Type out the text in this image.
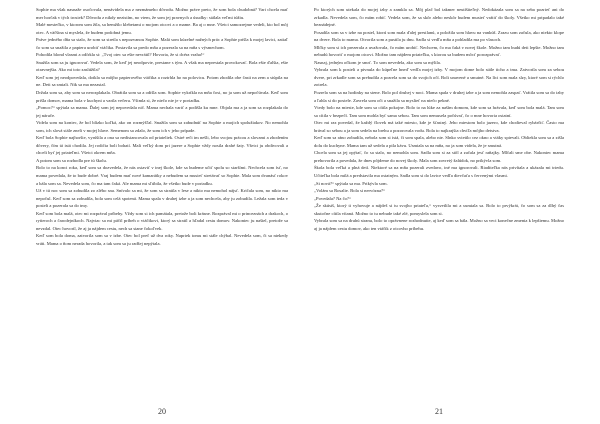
Sophie ma však nasnaže osočovala, nenávidela ma z nezmámeho dôvodu. Možno práve preto, že som bola chudobná? Vari chcela mať mer horčak v tých trosiek? Dôvodu z nikdy nezistím, no viem, že som jej pravnych a úsudky: stálala veľmi túžiu.

Malé mestečko, v ktorom som žila, sa hemžilo klebetami o mojom otcovi a o mame. Ba aj o mne. Všetci samozrejme vedeli, kto bol môj otec. A väčšina si myslela, že budem podobná jemu.

Práve jedného dňa sa stalo, že som sa stretla s nepozvanou Sophie. Malá som kúzelné nažných prác a Sophie prišla k mojej lavici, zatiaľ čo som sa snažila z papiera urobiť vtáčika. Postavila sa predo mňa a pozerala sa na mňa s výsmechom.

Pohodila blond vlasmi a odfrkla si: „Tvoj otec sa ešte nevrátil? Hovoria, že si dcéra vraha!“

Snažila som sa ju ignorovať. Vedela som, že keď jej neodpovie, prestane s tým. A však ma neprestala provokovať. Bola ešte ďalšia, ešte otravnejšia. Ako mi toto zaslúžila?

Keď som jej neodpovedala, dotkla sa môjho papierového vtáčika a roztrhla ho na polovicu. Potom zhodila obe časti na zem a stúpila na ne. Deti sa smiali. Nik sa ma nezastal.

Držala som sa, aby som sa nerozplakala. Obrátila som sa a odišla som. Sophie vykríkla na mňa čosi, no ja som už nepočúvala. Keď som prišla domov, mama bola v kuchyni a varila večeru. Všimla si, že niečo nie je v poriadku.

„Pomoc?“ spýtala sa mama. Ďalej som jej nepovedala nič. Mama nechala variť a podišla ku mne. Objala ma a ja som sa rozplakala do jej náruče.

Videla som na koniec, že bol blízko koľká, ako on rozmýšľal. Snažila som sa zabudnúť na Sophie a mojich spolužiakov. No nemohla som, ich slová stále zneli v mojej hlave. Semenom sa zdalo, že som ich v jeho prípade.

Keď bola Sophie najhoršie, vyrúšila a ona sa nedistancovala od priateliek. Ostré reči im nešli, lebo svojou prácou a slovami a zhodením dôvery, čím tá istá chodila. Jej rodičia boli bohatí. Mali veľký dom pri jazere a Sophie vždy nosila drahé šaty. Všetci ju obdivovali a chceli byť jej priateľmi. Všetci okrem mňa.

A potom som sa rozhodla pre tú školu.

Bolo to na konci roka, keď som sa dozvedela, že nás ostaviť v inej škole, kde sa budeme učiť spolu so staršími. Nechcela som ísť, no mama povedala, že to bude dobré. Vraj budem mať nové kamarátky a nebudem sa musieť stretávať so Sophie. Mala som dvanásť rokov a bála som sa. Nevedela som, čo ma tam čaká. Ale mama mi sľúbila, že všetko bude v poriadku.

Už v tú noc som sa zobudila zo zlého sna. Snívalo sa mi, že som sa stratila v lese a nikto ma nemohol nájsť. Kričala som, no nikto ma nepočul. Keď som sa zobudila, bola som celá spotená. Mama spala v druhej izbe a ja som nechcela, aby ju zobudila. Ležala som teda v posteli a pozerala sa do tmy.

Keď som bola malá, otec mi rozprával príbehy. Vždy som si ich pamätala, pretože boli krásne. Rozprával mi o princeznách a drakoch, o rytieroch a čarodejníkoch. Najviac sa mi páčil príbeh o vtáčikovi, ktorý sa stratil a hľadal cestu domov. Nakoniec ju našiel, pretože sa nevzdal. Otec hovoril, že aj ja nájdem cestu, nech sa stane čokoľvek.

Keď som bola doma, zatvorila som sa v izbe. Otec bol preč už dva roky. Napriek tomu mi stále chýbal. Nevedela som, či sa niekedy vráti. Mama o ňom nerada hovorila, a tak som sa ju radšej nepýtala.

20

Po ktorých som utekala do mojej izby a zamkla sa. Môj plač bol takmer neutíšiteľný. Nedokázala som sa na seba pozrieť ani do zrkadla. Nevedela som, čo mám robiť. Vedela som, že sa skôr alebo neskôr budem musieť vrátiť do školy. Všetko mi pripadalo také beznádejné.

Posadila som sa v izbe na postel, ktorú som mala ďalej prestlanú, a položila som hlavu na vankúš. Zrazu som začula, ako niekto klope na dvere. Bola to mama. Otvorila som a pustila ju dnu. Sadla si vedľa mňa a pohladila ma po vlasoch.

Mlčky som si ich prezerala a uvažovala, čo mám urobiť. Nechcem, čo ma čaká v novej škole. Možno tam budú deti lepšie. Možno tam nebudú hovoriť o mojom otcovi. Možno tam nájdem priateľku, s ktorou sa budem môcť porozprávať.

Nasnaj, jedným očkom je smrť. To som nevedela, ako som sa mýlila.

Vybrala som k posteli a pivnula do kúpeľne hneď vedľa mojej izby. V mojom dome bolo stále ticho a tma. Zatvorila som za sebou dvere, pri zrkadle som sa prebudila a pozrela som sa do svojich očí. Boli unavené a smutné. Na líci som mala slzy, ktoré som si rýchlo zotrela.

Pozrela som sa na hodinky na stene. Bolo pol druhej v noci. Mama spala v druhej izbe a ja som nemohla zaspať. Vrátila som sa do izby a ľahla si do postele. Zavrela som oči a snažila sa myslieť na niečo pekné.

Vtedy bolo na mieste, kde som sa cítila pokojne. Bolo to na lúke za naším domom, kde som sa hrávala, keď som bola malá. Tam som sa cítila v bezpečí. Tam som mohla byť sama sebou. Tam som nemusela počúvať, čo o mne hovoria ostatní.

Otec mi raz povedal, že každý človek má také miesto, kde je šťastný. Jeho miestom bolo jazero, kde chodieval rybárčiť. Často ma brával so sebou a ja som sedela na brehu a pozorovala vodu. Bola to najkrajšia chvíľa môjho detstva.

Keď som sa ráno zobudila, nebola som si istá, či som spala, alebo nie. Slnko svietilo cez okno a vtáky spievali. Obliekla som sa a zišla dolu do kuchyne. Mama tam už sedela a pila kávu. Usmiala sa na mňa, no ja som videla, že je smutná.

Chcela som sa jej opýtať, čo sa stalo, no nemohla som. Sadla som si za stôl a začala jesť raňajky. Mlčali sme obe. Nakoniec mama prehovorila a povedala, že dnes pôjdeme do novej školy. Mala som zovretý žalúdok, no prikývla som.

Škola bola veľká a plná detí. Niektoré sa na mňa pozerali zvedavo, iné ma ignorovali. Riaditeľka nás privítala a ukázala mi triedu. Učiteľka bola milá a predstavila ma ostatným. Sadla som si do lavice vedľa dievčaťa s červenými vlasmi.

„Si nová?“ spýtala sa ma. Prikývla som.

„Volám sa Rosalie. Bola si nervózna?“

„Povedala? Na čo?“

„Že skúsiš, ktorý ti vyhovuje a nájdeš si tu svojho priateľa,“ vysvetlila mi a usmiala sa. Bolo to prvýkrát, čo som sa za dlhý čas skutočne cítila vítaná. Možno to tu nebude také zlé, pomyslela som si.

Vybrala som sa na druhú stranu, bolo to oprávnene rozhodnutie, aj keď som sa bála. Možno sa veci konečne zmenia k lepšiemu. Možno aj ja nájdem cestu domov, ako ten vtáčik z otcovho príbehu.

21
